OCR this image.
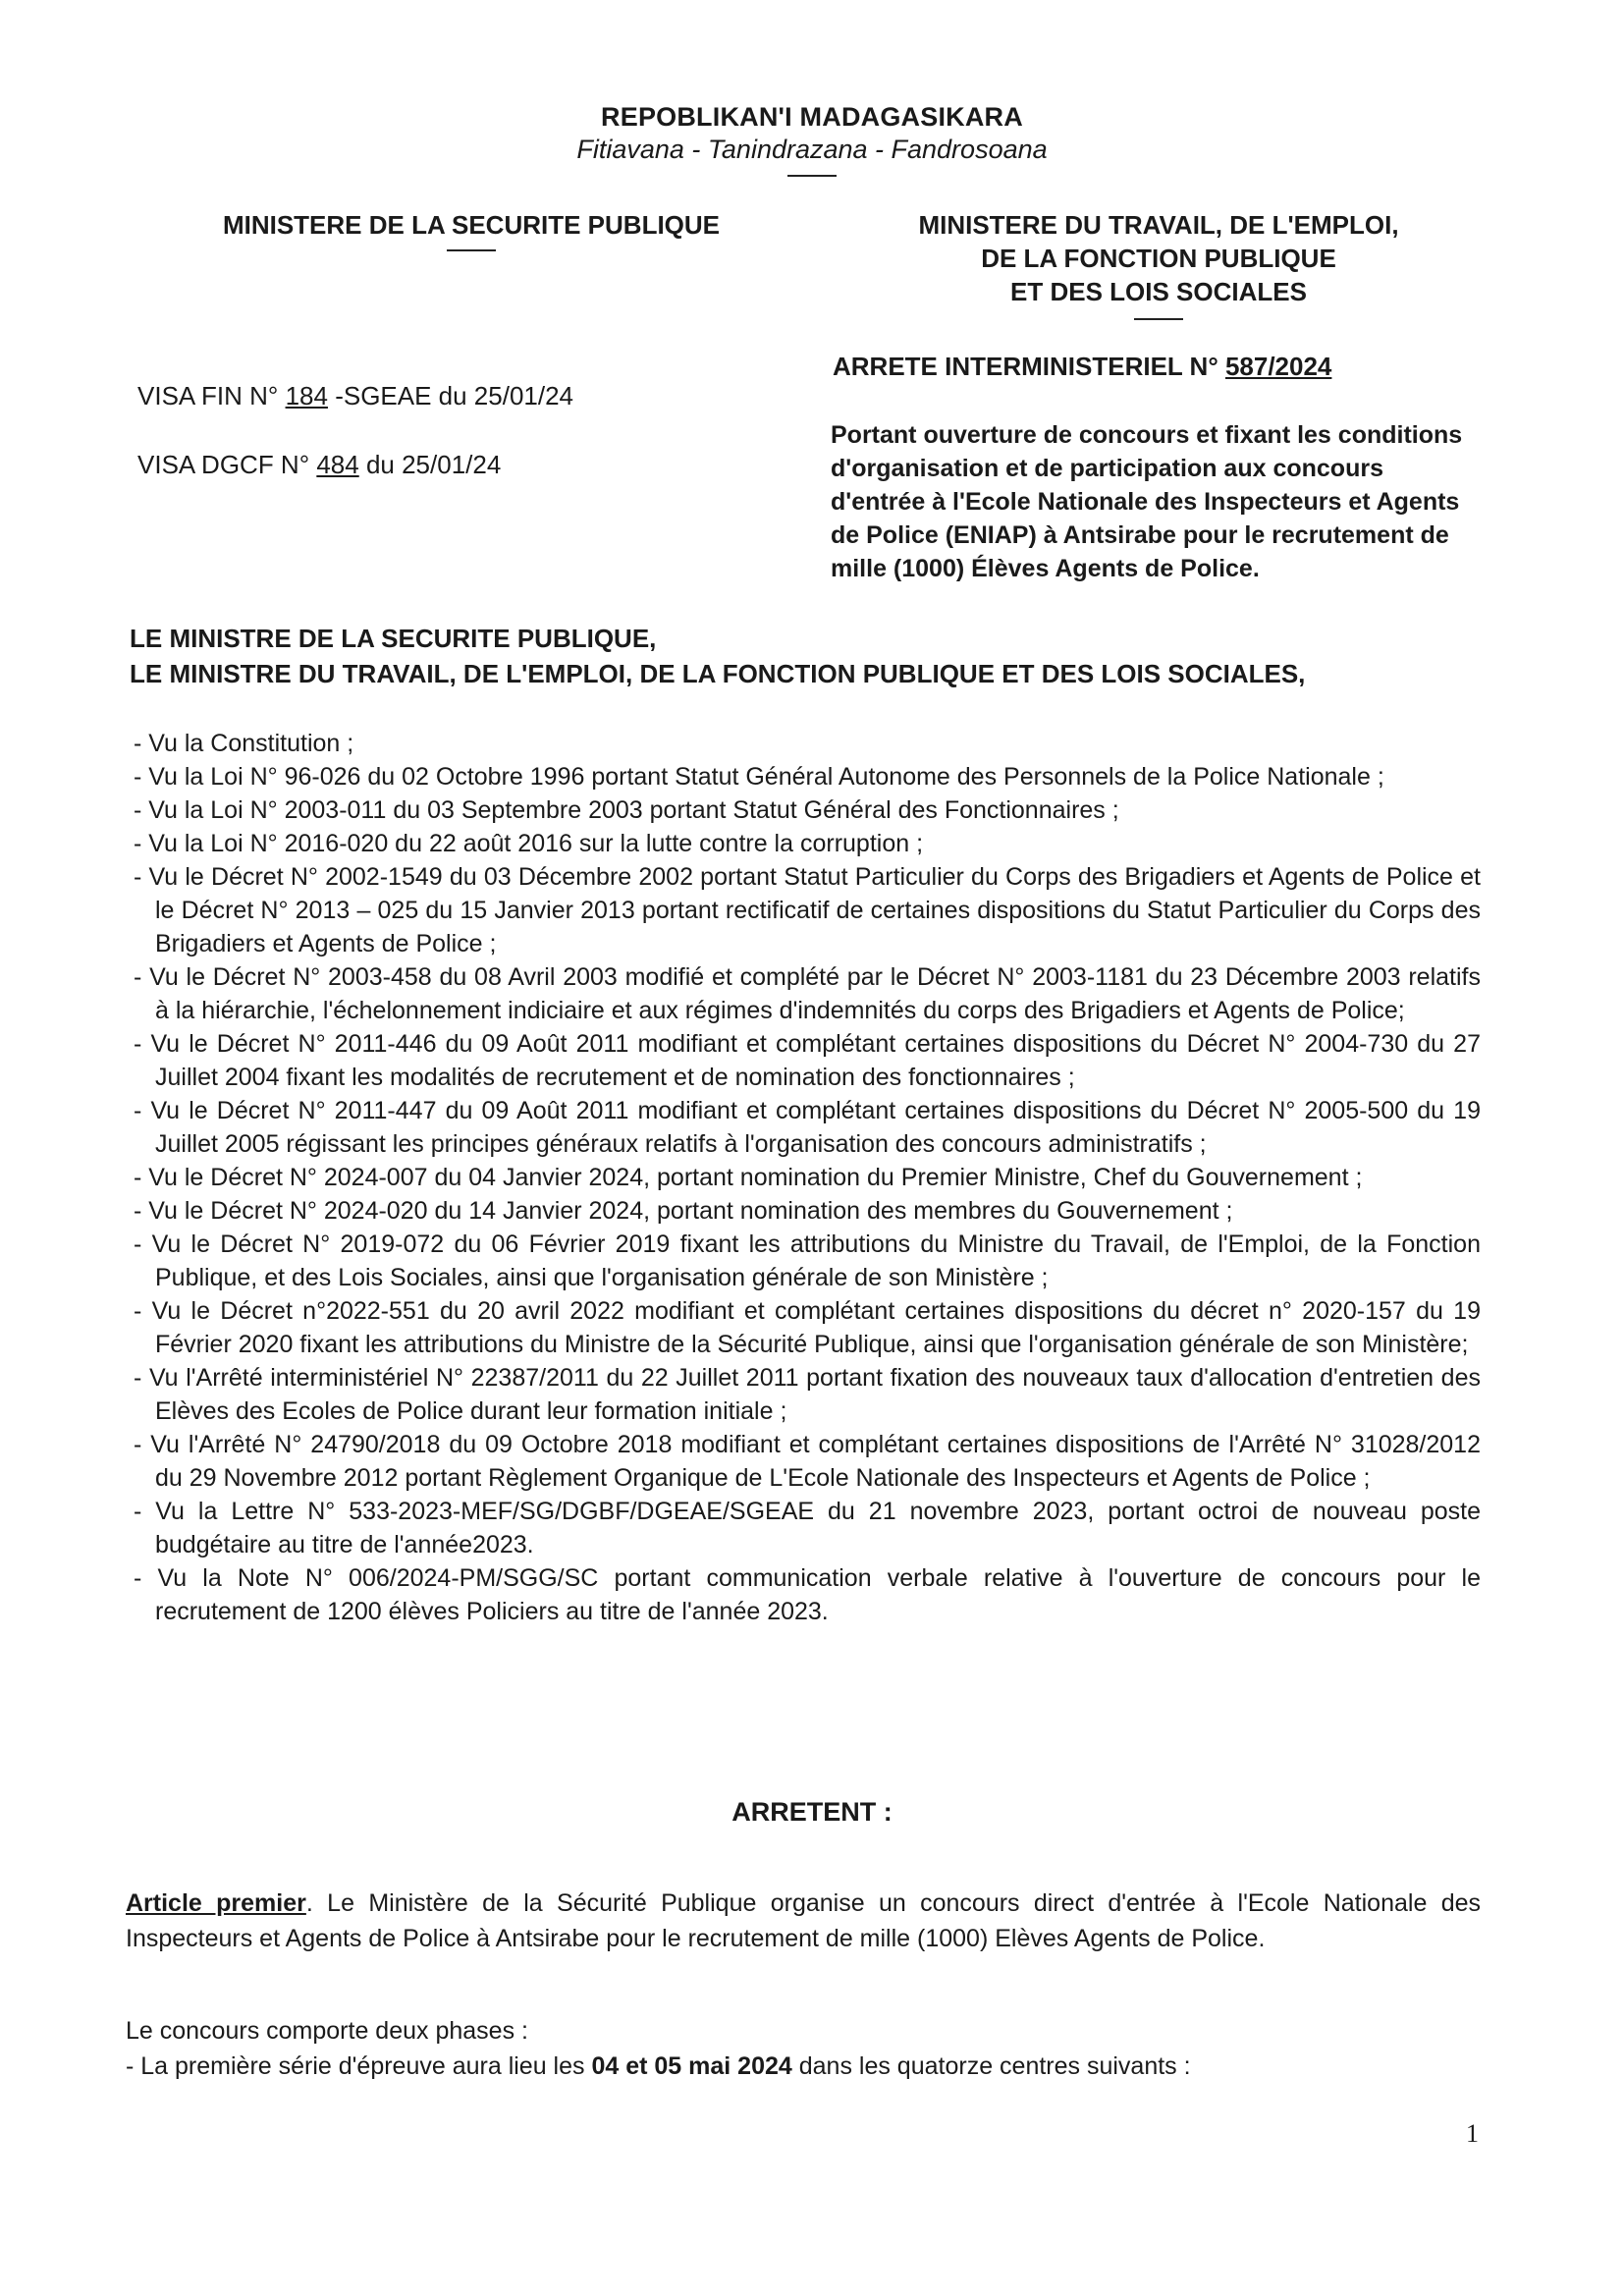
REPOBLIKAN'I MADAGASIKARA
Fitiavana - Tanindrazana - Fandrosoana
MINISTERE DE LA SECURITE PUBLIQUE	MINISTERE DU TRAVAIL, DE L'EMPLOI,
DE LA FONCTION PUBLIQUE
ET DES LOIS SOCIALES
VISA FIN N° 184 -SGEAE du 25/01/24
VISA DGCF N° 484 du 25/01/24
ARRETE INTERMINISTERIEL N° 587/2024
Portant ouverture de concours et fixant les conditions
d'organisation et de participation aux concours
d'entrée à l'Ecole Nationale des Inspecteurs et Agents
de Police (ENIAP) à Antsirabe pour le recrutement de
mille (1000) Élèves Agents de Police.
LE MINISTRE DE LA SECURITE PUBLIQUE,
LE MINISTRE DU TRAVAIL, DE L'EMPLOI, DE LA FONCTION PUBLIQUE ET DES LOIS SOCIALES,
- Vu la Constitution ;
- Vu la Loi N° 96-026 du 02 Octobre 1996 portant Statut Général Autonome des Personnels de la Police Nationale ;
- Vu la Loi N° 2003-011 du 03 Septembre 2003 portant Statut Général des Fonctionnaires ;
- Vu la Loi N° 2016-020 du 22 août 2016 sur la lutte contre la corruption ;
- Vu le Décret N° 2002-1549 du 03 Décembre 2002 portant Statut Particulier du Corps des Brigadiers et Agents de Police et le Décret N° 2013 – 025 du 15 Janvier 2013 portant rectificatif de certaines dispositions du Statut Particulier du Corps des Brigadiers et Agents de Police ;
- Vu le Décret N° 2003-458 du 08 Avril 2003 modifié et complété par le Décret N° 2003-1181 du 23 Décembre 2003 relatifs à la hiérarchie, l'échelonnement indiciaire et aux régimes d'indemnités du corps des Brigadiers et Agents de Police;
- Vu le Décret N° 2011-446 du 09 Août 2011 modifiant et complétant certaines dispositions du Décret N° 2004-730 du 27 Juillet 2004 fixant les modalités de recrutement et de nomination des fonctionnaires ;
- Vu le Décret N° 2011-447 du 09 Août 2011 modifiant et complétant certaines dispositions du Décret N° 2005-500 du 19 Juillet 2005 régissant les principes généraux relatifs à l'organisation des concours administratifs ;
- Vu le Décret N° 2024-007 du 04 Janvier 2024, portant nomination du Premier Ministre, Chef du Gouvernement ;
- Vu le Décret N° 2024-020 du 14 Janvier 2024, portant nomination des membres du Gouvernement ;
- Vu le Décret N° 2019-072 du 06 Février 2019 fixant les attributions du Ministre du Travail, de l'Emploi, de la Fonction Publique, et des Lois Sociales, ainsi que l'organisation générale de son Ministère ;
- Vu le Décret n°2022-551 du 20 avril 2022 modifiant et complétant certaines dispositions du décret n° 2020-157 du 19 Février 2020 fixant les attributions du Ministre de la Sécurité Publique, ainsi que l'organisation générale de son Ministère;
- Vu l'Arrêté interministériel N° 22387/2011 du 22 Juillet 2011 portant fixation des nouveaux taux d'allocation d'entretien des Elèves des Ecoles de Police durant leur formation initiale ;
- Vu l'Arrêté N° 24790/2018 du 09 Octobre 2018 modifiant et complétant certaines dispositions de l'Arrêté N° 31028/2012 du 29 Novembre 2012 portant Règlement Organique de L'Ecole Nationale des Inspecteurs et Agents de Police ;
- Vu la Lettre N° 533-2023-MEF/SG/DGBF/DGEAE/SGEAE du 21 novembre 2023, portant octroi de nouveau poste budgétaire au titre de l'année2023.
- Vu la Note N° 006/2024-PM/SGG/SC portant communication verbale relative à l'ouverture de concours pour le recrutement de 1200 élèves Policiers au titre de l'année 2023.
ARRETENT :
Article premier. Le Ministère de la Sécurité Publique organise un concours direct d'entrée à l'Ecole Nationale des Inspecteurs et Agents de Police à Antsirabe pour le recrutement de mille (1000) Elèves Agents de Police.
Le concours comporte deux phases :
- La première série d'épreuve aura lieu les 04 et 05 mai 2024 dans les quatorze centres suivants :
1
